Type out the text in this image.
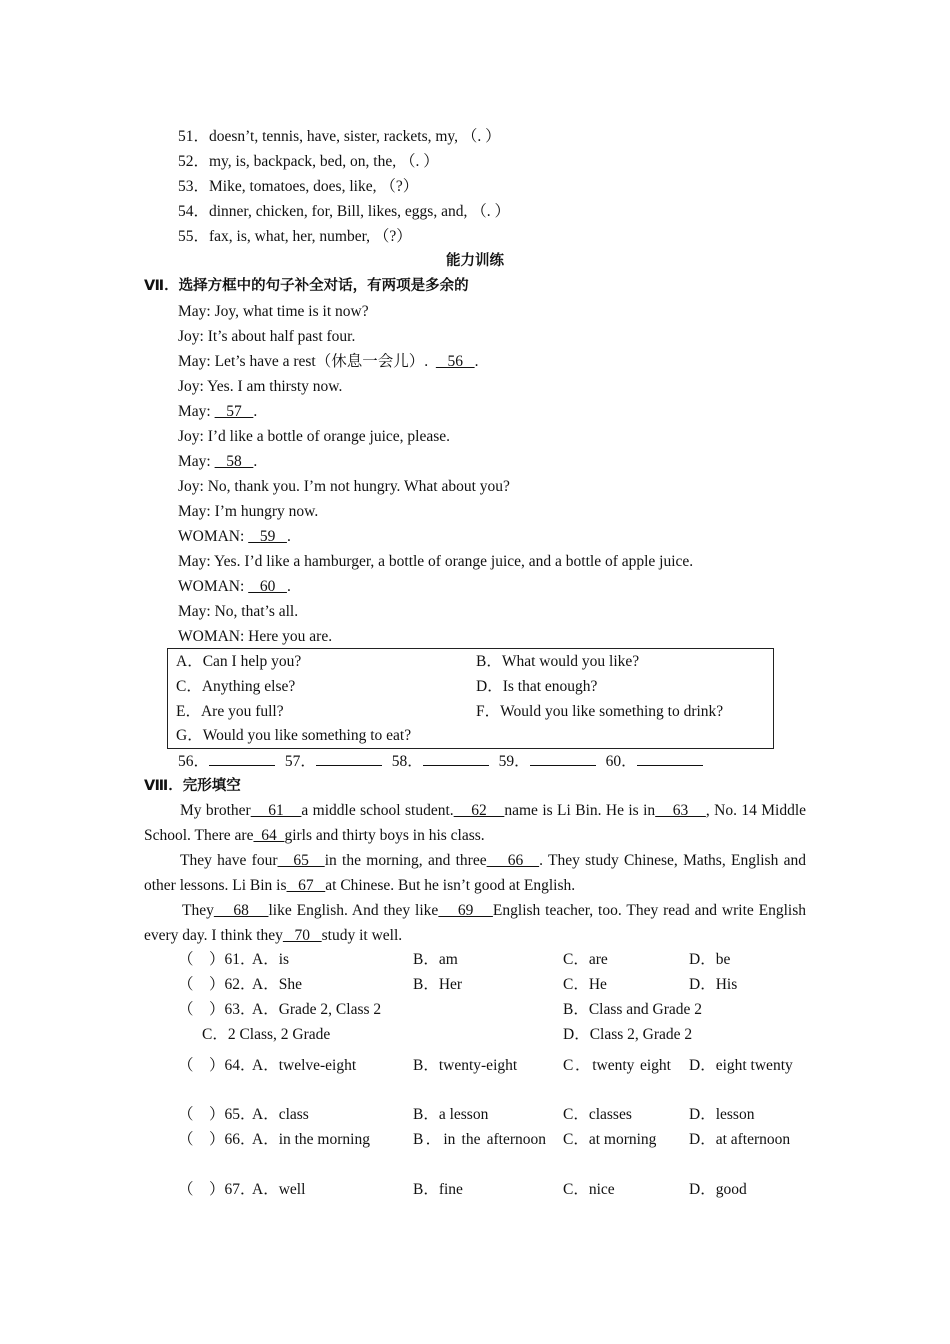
51．doesn’t, tennis, have, sister, rackets, my, （. ）
52．my, is, backpack, bed, on, the, （. ）
53．Mike, tomatoes, does, like, （?）
54．dinner, chicken, for, Bill, likes, eggs, and, （. ）
55．fax, is, what, her, number, （?）
能力训练
Ⅶ．选择方框中的句子补全对话，有两项是多余的
May: Joy, what time is it now?
Joy: It’s about half past four.
May: Let’s have a rest（休息一会儿）.     56   .
Joy: Yes. I am thirsty now.
May:    57   .
Joy: I’d like a bottle of orange juice, please.
May:    58   .
Joy: No, thank you. I’m not hungry. What about you?
May: I’m hungry now.
WOMAN:    59   .
May: Yes. I’d like a hamburger, a bottle of orange juice, and a bottle of apple juice.
WOMAN:    60   .
May: No, that’s all.
WOMAN: Here you are.
A．Can I help you?	B．What would you like?
C．Anything else?	D．Is that enough?
E．Are you full?	F．Would you like something to drink?
G．Would you like something to eat?
56．	57．	58．	59．	60．
Ⅷ．完形填空
My brother    61    a middle school student.    62    name is Li Bin. He is in    63    , No. 14 Middle School. There are  64  girls and thirty boys in his class.
They have four   65   in the morning, and three    66   . They study Chinese, Maths, English and other lessons. Li Bin is   67   at Chinese. But he isn’t good at English.
They    68    like English. And they like    69    English teacher, too. They read and write English every day. I think they   70   study it well.
（　）61．
A．is	B．am	C．are	D．be
（　）62．
A．She	B．Her	C．He	D．His
（　）63．
A．Grade 2, Class 2	B．Class and Grade 2
C．2 Class, 2 Grade	D．Class 2, Grade 2
（　）64．
A．twelve-eight	B．twenty-eight	C．twenty eight D．eight twenty
（　）65．
A．class	B．a lesson	C．classes	D．lesson
（　）66．
A．in the morning	B．in the afternoon C．at morning D．at afternoon
（　）67．
A．well	B．fine	C．nice	D．good
